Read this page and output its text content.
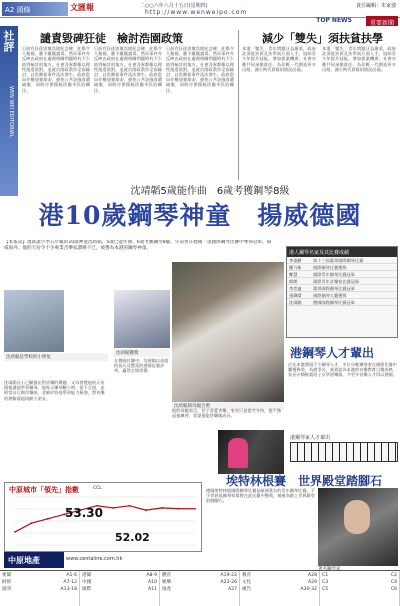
A2 頭條	文匯報	二○○六年六月十五日(星期四)
http://www.wenweipo.com
責任編輯：朱家強
TOP NEWS	重要新聞
社評
WEN WEI EDITORIAL
譴責毀碑狂徒　檢討浩園政策
日前有狂徒毀壞浩園紀念碑，此舉令人髮指，應予嚴厲譴責。然而事件亦反映出政府在處理相關問題時有不少值得檢討的地方。社會各界都應以理性態度面對，並就浩園政策作全面檢討，以免類似事件再次發生。政府當局亦應加強保安，避免公共設施再遭破壞，同時亦要積極回應市民的關注。
日前有狂徒毀壞浩園紀念碑，此舉令人髮指，應予嚴厲譴責。然而事件亦反映出政府在處理相關問題時有不少值得檢討的地方。社會各界都應以理性態度面對，並就浩園政策作全面檢討，以免類似事件再次發生。政府當局亦應加強保安，避免公共設施再遭破壞，同時亦要積極回應市民的關注。
日前有狂徒毀壞浩園紀念碑，此舉令人髮指，應予嚴厲譴責。然而事件亦反映出政府在處理相關問題時有不少值得檢討的地方。社會各界都應以理性態度面對，並就浩園政策作全面檢討，以免類似事件再次發生。政府當局亦應加強保安，避免公共設施再遭破壞，同時亦要積極回應市民的關注。
減少「雙失」須扶貧扶學
本港「雙失」青年問題日益嚴重，政府必須從扶貧及扶學兩方面入手，協助青少年提升技能，增加就業機會。社會亦應共同承擔責任，為年輕一代創造更多出路，減少跨代貧窮的情況出現。
本港「雙失」青年問題日益嚴重，政府必須從扶貧及扶學兩方面入手，協助青少年提升技能，增加就業機會。社會亦應共同承擔責任，為年輕一代創造更多出路，減少跨代貧窮的情況出現。
沈靖韜5歲能作曲　6歲考獲鋼琴8級
港10歲鋼琴神童　揚威德國
【本報訊】現就讀小學五年級的10歲神童沈靖韜，5歲已能作曲，6歲考獲鋼琴8級，早前更在德國一項國際鋼琴比賽中奪得冠軍，揚威海外。他的天份令不少專業音樂家讚嘆不已，被譽為本港的鋼琴神童。
沈靖韜是學校的小明星
沈靖韜獲獎
沈靖韜與母親合照
港人鋼琴名家及其比賽成績
李嘉齡	第十三屆蕭邦國際鋼琴比賽
羅乃新	國際鋼琴比賽獲獎
鄭慧	國際青年鋼琴比賽冠軍
郎朗	國際青年音樂家比賽冠軍
李雲迪	蕭邦國際鋼琴比賽冠軍
張緯晴	國際鋼琴大賽獲獎
沈靖韜	德國國際鋼琴比賽冠軍
港鋼琴人才輩出
近年本港湧現不少鋼琴人才，多位年輕鋼琴家在國際比賽中屢獲殊榮，為港爭光。業界認為本港的音樂教育日趨成熟，家長亦積極栽培子女學習樂器，令更多音樂人才得以發掘。
沈靖韜自小已顯露出對音樂的興趣，父母發覺他的天份後便讓他學習鋼琴。他每天練琴數小時，從不言倦，並經常自行創作樂曲。老師形容他學習能力極強，對音樂的理解遠超同齡小朋友。
在德國比賽中，沈靖韜以高超的技巧及豐富的感情征服評判，贏得全場掌聲。
他的母親表示，兒子喜愛音樂，家長只是從旁支持，從不強迫他練習，希望他能快樂地成長。
港鋼琴家人才輩出
埃特林根賽　世界殿堂踏腳石
中原城市「領先」指數	CCL
53.30
52.02
中原地產	www.centaline.com.hk
德國埃特林根國際鋼琴比賽是歐洲著名的青年鋼琴比賽，不少世界級鋼琴家都曾在此比賽中獲獎，被視為踏上世界殿堂的踏腳石。
著名鋼琴家
要聞	A1-6
財經	A7-12
副刊	A13-18
港聞	A8-9
中國	A10
國際	A11
體育	A19-22
娛樂	A23-26
地產	A27
教育	A28
文化	A29
廣告	A30-32
C1	C2
C3	C4
C5	C6
